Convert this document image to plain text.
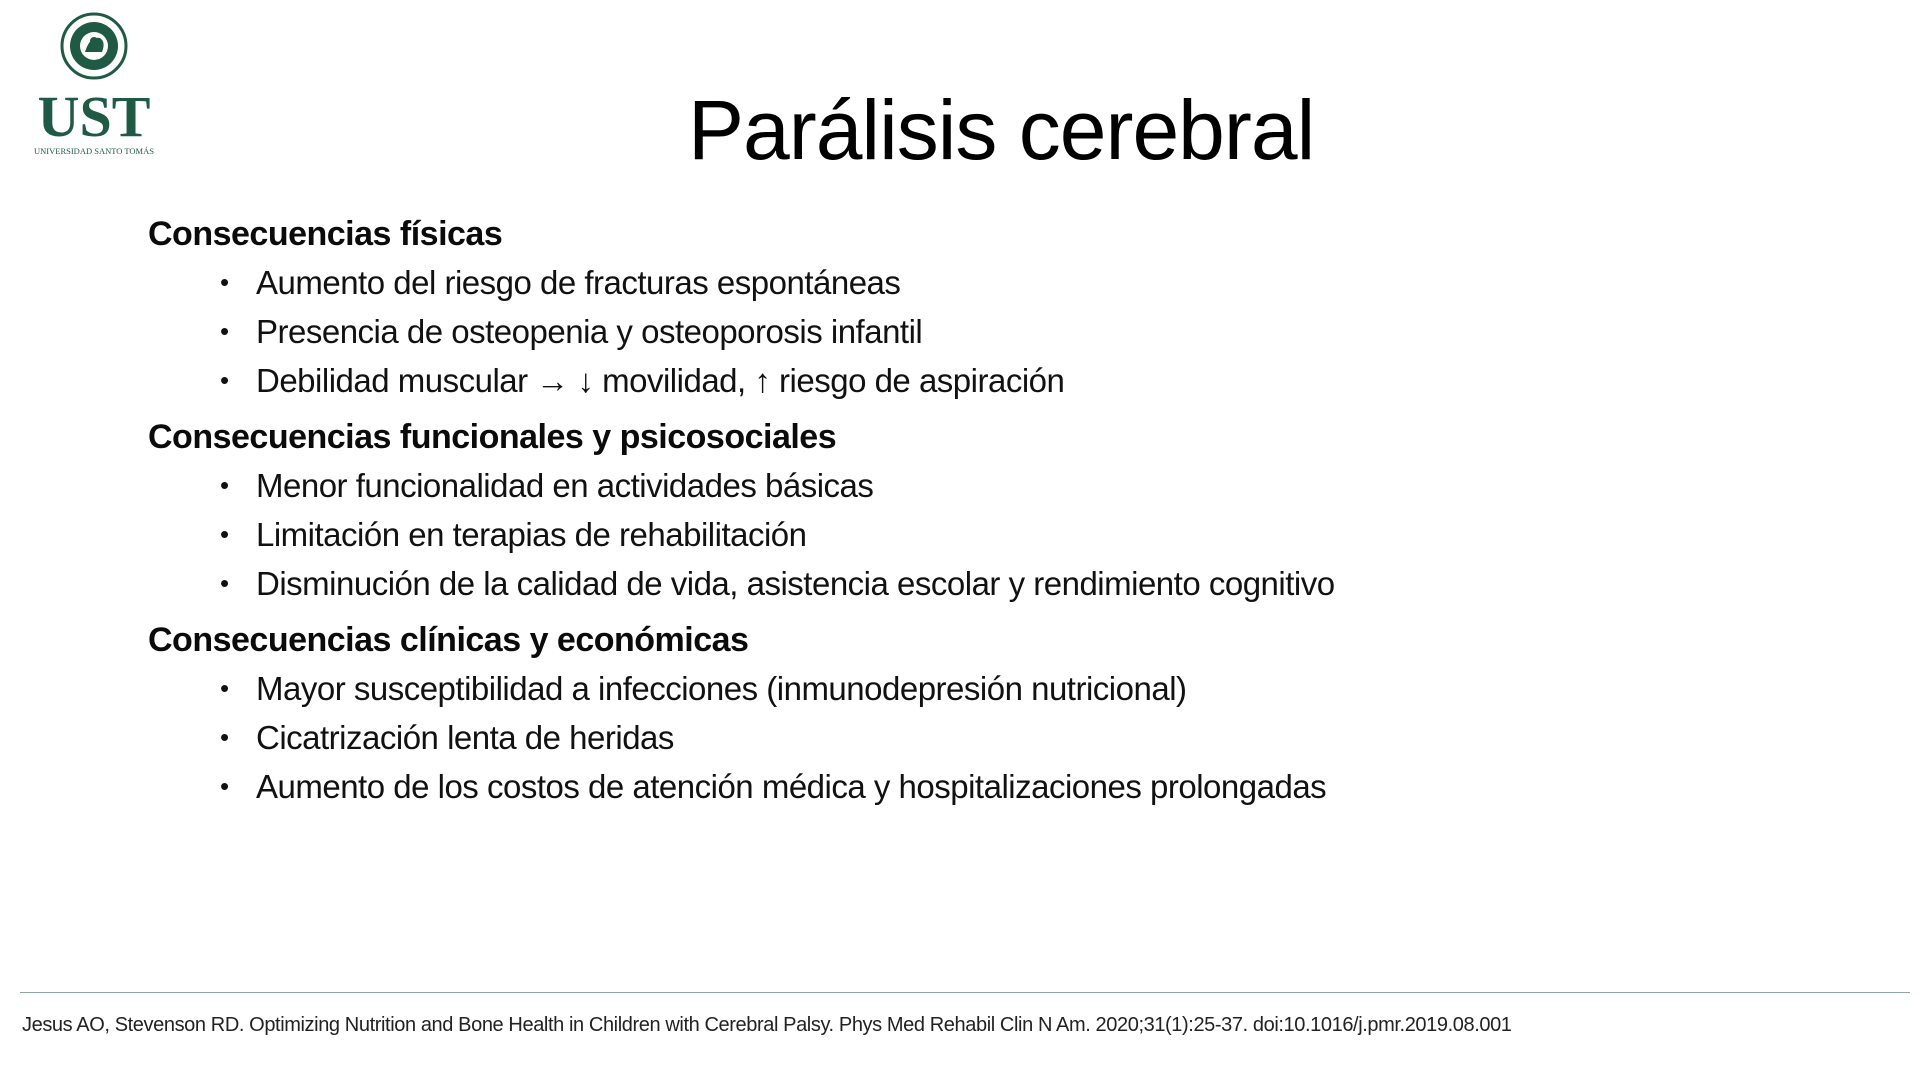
UST
UNIVERSIDAD SANTO TOMÁS	Parálisis cerebral

Consecuencias físicas

• Aumento del riesgo de fracturas espontáneas
• Presencia de osteopenia y osteoporosis infantil
• Debilidad muscular → ↓ movilidad, ↑ riesgo de aspiración

Consecuencias funcionales y psicosociales

• Menor funcionalidad en actividades básicas
• Limitación en terapias de rehabilitación
• Disminución de la calidad de vida, asistencia escolar y rendimiento cognitivo

Consecuencias clínicas y económicas

• Mayor susceptibilidad a infecciones (inmunodepresión nutricional)
• Cicatrización lenta de heridas
• Aumento de los costos de atención médica y hospitalizaciones prolongadas
Jesus AO, Stevenson RD. Optimizing Nutrition and Bone Health in Children with Cerebral Palsy. Phys Med Rehabil Clin N Am. 2020;31(1):25-37. doi:10.1016/j.pmr.2019.08.001
